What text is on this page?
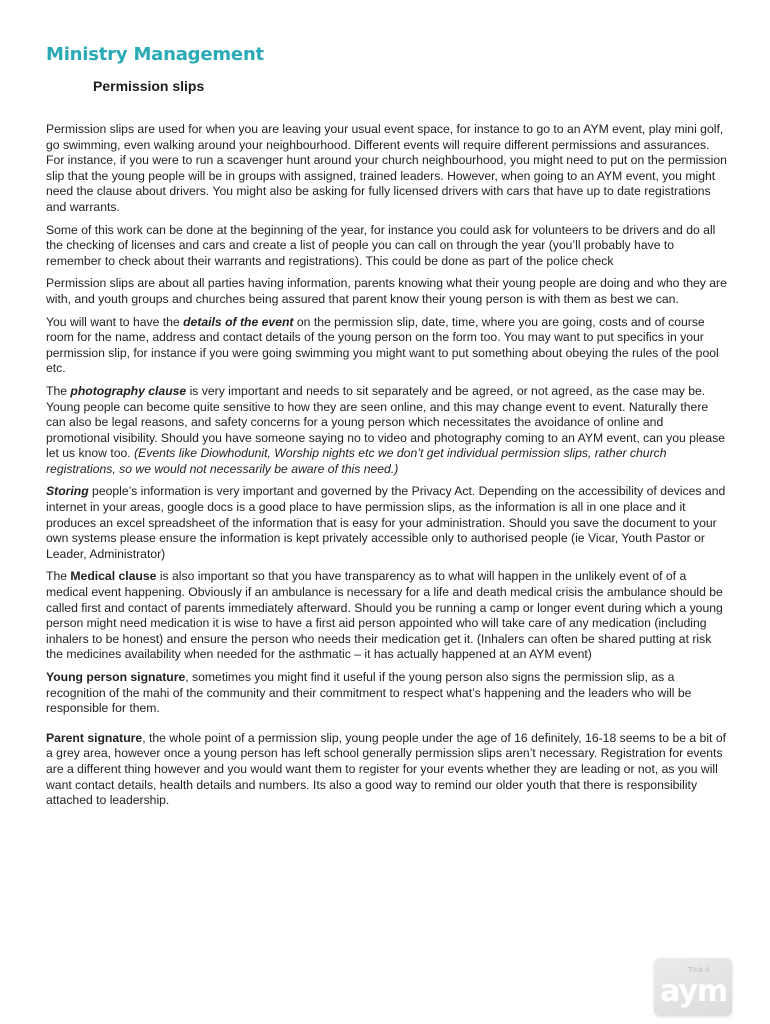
Ministry Management
Permission slips

Permission slips are used for when you are leaving your usual event space, for instance to go to an AYM event, play mini golf, go swimming, even walking around your neighbourhood. Different events will require different permissions and assurances. For instance, if you were to run a scavenger hunt around your church neighbourhood, you might need to put on the permission slip that the young people will be in groups with assigned, trained leaders. However, when going to an AYM event, you might need the clause about drivers. You might also be asking for fully licensed drivers with cars that have up to date registrations and warrants.

Some of this work can be done at the beginning of the year, for instance you could ask for volunteers to be drivers and do all the checking of licenses and cars and create a list of people you can call on through the year (you’ll probably have to remember to check about their warrants and registrations). This could be done as part of the police check

Permission slips are about all parties having information, parents knowing what their young people are doing and who they are with, and youth groups and churches being assured that parent know their young person is with them as best we can.

You will want to have the details of the event on the permission slip, date, time, where you are going, costs and of course room for the name, address and contact details of the young person on the form too. You may want to put specifics in your permission slip, for instance if you were going swimming you might want to put something about obeying the rules of the pool etc.

The photography clause is very important and needs to sit separately and be agreed, or not agreed, as the case may be. Young people can become quite sensitive to how they are seen online, and this may change event to event. Naturally there can also be legal reasons, and safety concerns for a young person which necessitates the avoidance of online and promotional visibility. Should you have someone saying no to video and photography coming to an AYM event, can you please let us know too. (Events like Diowhodunit, Worship nights etc we don’t get individual permission slips, rather church registrations, so we would not necessarily be aware of this need.)

Storing people’s information is very important and governed by the Privacy Act. Depending on the accessibility of devices and internet in your areas, google docs is a good place to have permission slips, as the information is all in one place and it produces an excel spreadsheet of the information that is easy for your administration. Should you save the document to your own systems please ensure the information is kept privately accessible only to authorised people (ie Vicar, Youth Pastor or Leader, Administrator)

The Medical clause is also important so that you have transparency as to what will happen in the unlikely event of of a medical event happening. Obviously if an ambulance is necessary for a life and death medical crisis the ambulance should be called first and contact of parents immediately afterward. Should you be running a camp or longer event during which a young person might need medication it is wise to have a first aid person appointed who will take care of any medication (including inhalers to be honest) and ensure the person who needs their medication get it. (Inhalers can often be shared putting at risk the medicines availability when needed for the asthmatic – it has actually happened at an AYM event)

Young person signature, sometimes you might find it useful if the young person also signs the permission slip, as a recognition of the mahi of the community and their commitment to respect what’s happening and the leaders who will be responsible for them.

Parent signature, the whole point of a permission slip, young people under the age of 16 definitely, 16-18 seems to be a bit of a grey area, however once a young person has left school generally permission slips aren’t necessary. Registration for events are a different thing however and you would want them to register for your events whether they are leading or not, as you will want contact details, health details and numbers. Its also a good way to remind our older youth that there is responsibility attached to leadership.

Tīnā Ā
aym
